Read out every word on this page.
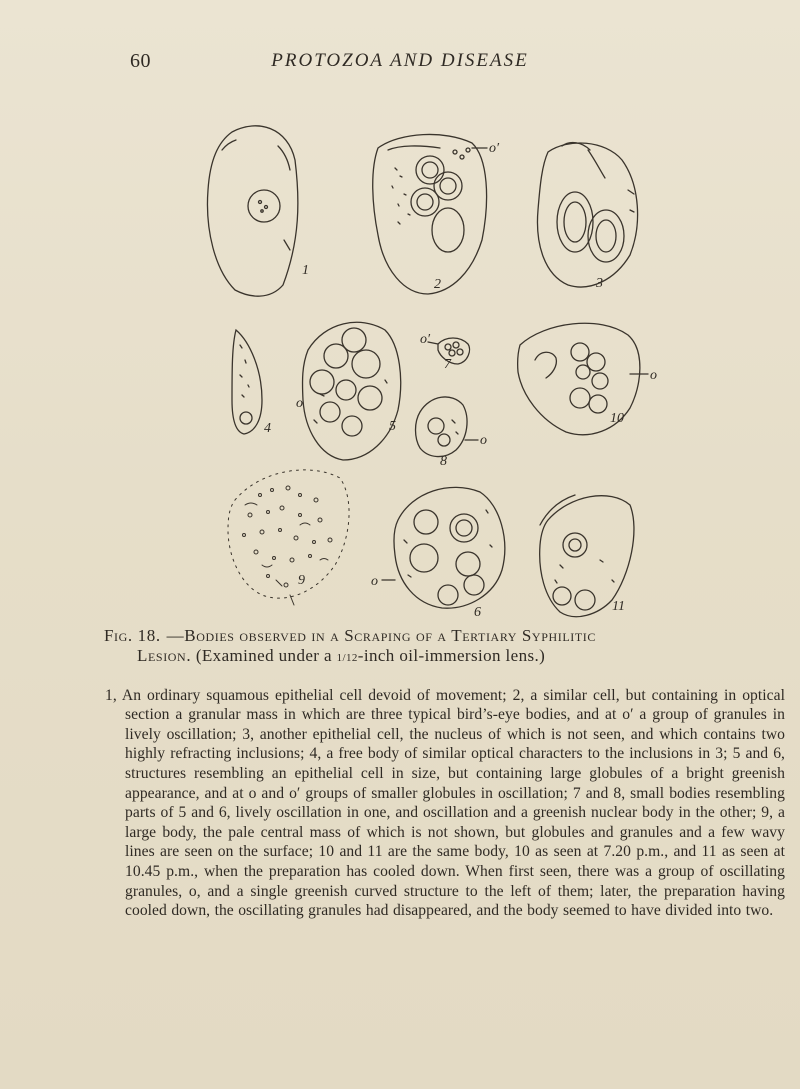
60	PROTOZOA AND DISEASE
1
2	3
4	5
7
8
10
9
6	11
o′
o′
o
o
o
o
Fig. 18. —Bodies observed in a Scraping of a Tertiary Syphilitic
Lesion. (Examined under a 1/12-inch oil-immersion lens.)

1, An ordinary squamous epithelial cell devoid of movement; 2, a similar cell, but containing in optical section a granular mass in which are three typical bird’s-eye bodies, and at o′ a group of granules in lively oscillation; 3, another epithelial cell, the nucleus of which is not seen, and which contains two highly refracting inclusions; 4, a free body of similar optical characters to the inclusions in 3; 5 and 6, structures resembling an epithelial cell in size, but containing large globules of a bright greenish appearance, and at o and o′ groups of smaller globules in oscillation; 7 and 8, small bodies resembling parts of 5 and 6, lively oscillation in one, and oscillation and a greenish nuclear body in the other; 9, a large body, the pale central mass of which is not shown, but globules and granules and a few wavy lines are seen on the surface; 10 and 11 are the same body, 10 as seen at 7.20 p.m., and 11 as seen at 10.45 p.m., when the preparation has cooled down. When first seen, there was a group of oscillating granules, o, and a single greenish curved structure to the left of them; later, the preparation having cooled down, the oscillating granules had disappeared, and the body seemed to have divided into two.
